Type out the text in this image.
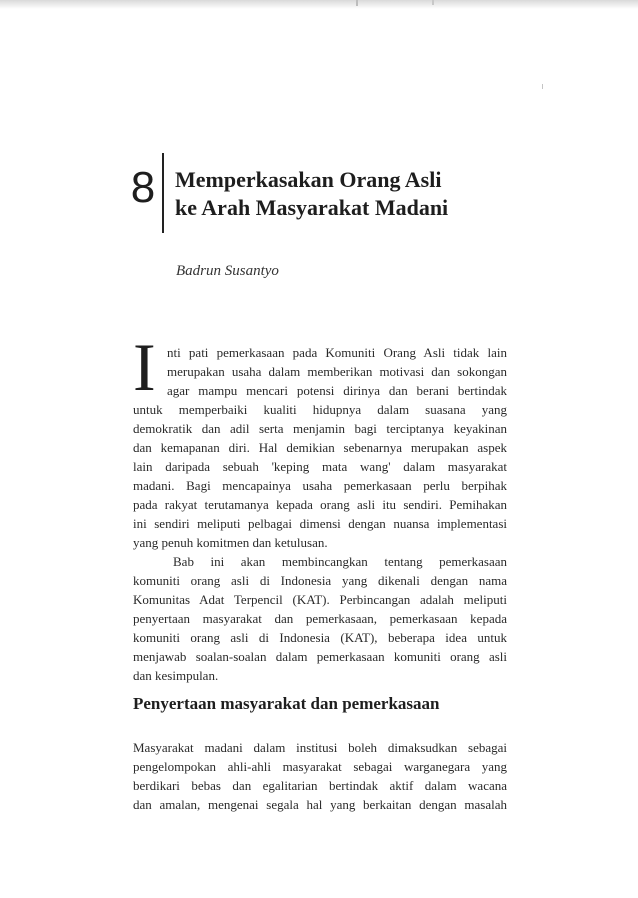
8 Memperkasakan Orang Asli
ke Arah Masyarakat Madani
Badrun Susantyo
I nti pati pemerkasaan pada Komuniti Orang Asli tidak lain
merupakan usaha dalam memberikan motivasi dan sokongan
agar mampu mencari potensi dirinya dan berani bertindak
untuk memperbaiki kualiti hidupnya dalam suasana yang
demokratik dan adil serta menjamin bagi terciptanya keyakinan
dan kemapanan diri. Hal demikian sebenarnya merupakan aspek
lain daripada sebuah 'keping mata wang' dalam masyarakat
madani. Bagi mencapainya usaha pemerkasaan perlu berpihak
pada rakyat terutamanya kepada orang asli itu sendiri. Pemihakan
ini sendiri meliputi pelbagai dimensi dengan nuansa implementasi
yang penuh komitmen dan ketulusan.
Bab ini akan membincangkan tentang pemerkasaan
komuniti orang asli di Indonesia yang dikenali dengan nama
Komunitas Adat Terpencil (KAT). Perbincangan adalah meliputi
penyertaan masyarakat dan pemerkasaan, pemerkasaan kepada
komuniti orang asli di Indonesia (KAT), beberapa idea untuk
menjawab soalan-soalan dalam pemerkasaan komuniti orang asli
dan kesimpulan.
Penyertaan masyarakat dan pemerkasaan
Masyarakat madani dalam institusi boleh dimaksudkan sebagai
pengelompokan ahli-ahli masyarakat sebagai warganegara yang
berdikari bebas dan egalitarian bertindak aktif dalam wacana
dan amalan, mengenai segala hal yang berkaitan dengan masalah
